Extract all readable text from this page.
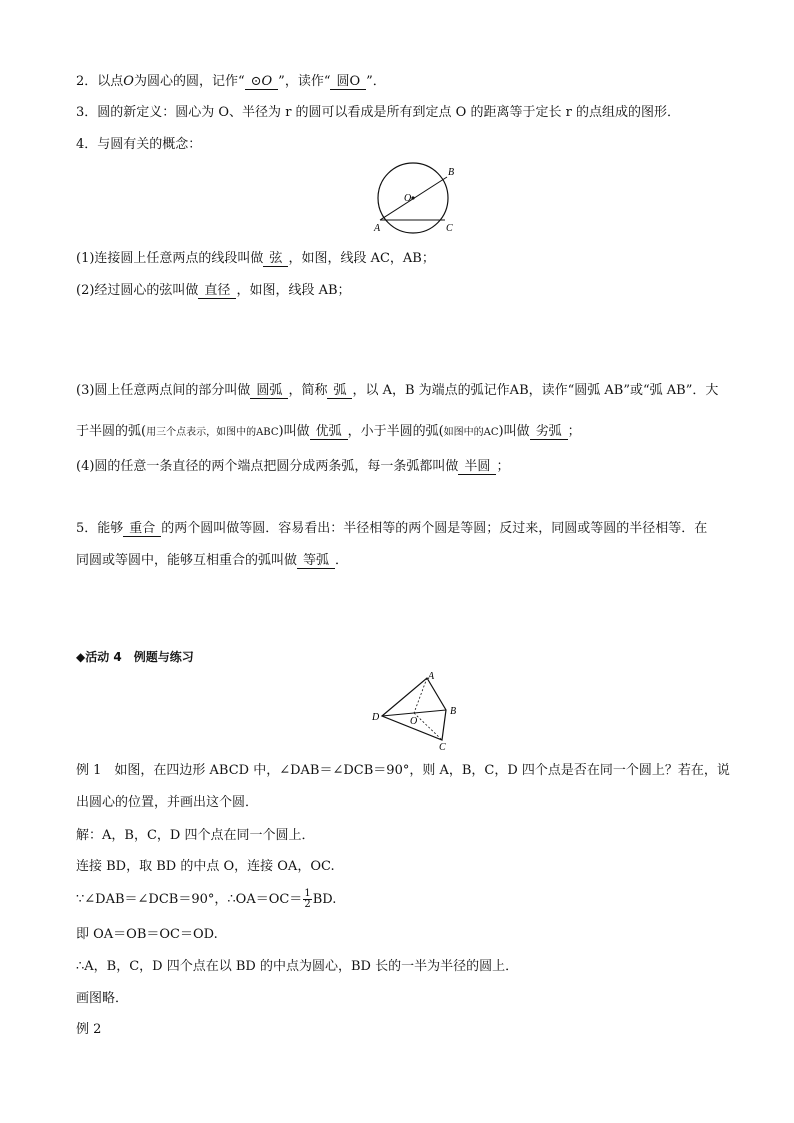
2．以点O为圆心的圆，记作“ ⊙O ”，读作“ 圆O ”．
3．圆的新定义：圆心为 O、半径为 r 的圆可以看成是所有到定点 O 的距离等于定长 r 的点组成的图形．
4．与圆有关的概念：
O
A
B
C
(1)连接圆上任意两点的线段叫做 弦 ，如图，线段 AC，AB；
(2)经过圆心的弦叫做 直径 ，如图，线段 AB；
(3)圆上任意两点间的部分叫做 圆弧 ，简称 弧 ，以 A，B 为端点的弧记作AB，读作“圆弧 AB”或“弧 AB”．大
于半圆的弧(用三个点表示，如图中的ABC)叫做 优弧 ，小于半圆的弧(如图中的AC)叫做 劣弧 ；
(4)圆的任意一条直径的两个端点把圆分成两条弧，每一条弧都叫做 半圆 ；
5．能够 重合 的两个圆叫做等圆．容易看出：半径相等的两个圆是等圆；反过来，同圆或等圆的半径相等．在
同圆或等圆中，能够互相重合的弧叫做 等弧 ．
◆活动 4　例题与练习
A
B
C
D	O
例 1　如图，在四边形 ABCD 中，∠DAB＝∠DCB＝90°，则 A，B，C，D 四个点是否在同一个圆上？若在，说
出圆心的位置，并画出这个圆．
解：A，B，C，D 四个点在同一个圆上．
连接 BD，取 BD 的中点 O，连接 OA，OC.
∵∠DAB＝∠DCB＝90°，∴OA＝OC＝ $\frac{1}{2}$ BD.
即 OA＝OB＝OC＝OD.
∴A，B，C，D 四个点在以 BD 的中点为圆心，BD 长的一半为半径的圆上．
画图略．
例 2
